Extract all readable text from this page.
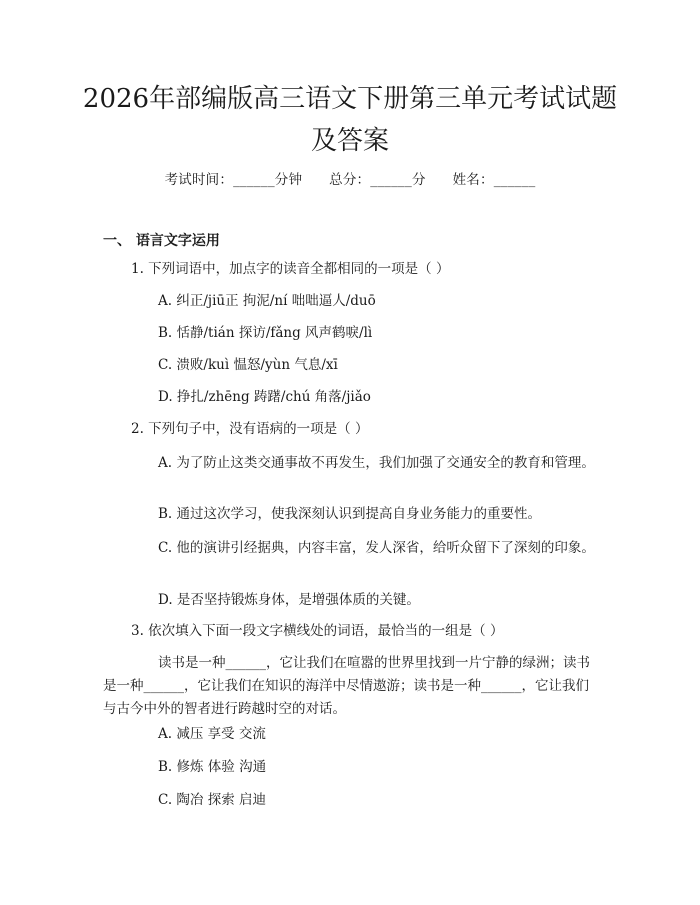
2026年部编版高三语文下册第三单元考试试题及答案
考试时间：______分钟 总分：______分 姓名：______
一、 语言文字运用
1. 下列词语中，加点字的读音全都相同的一项是（ ）
A. 纠正/jiū正 拘泥/ní 咄咄逼人/duō
B. 恬静/tián 探访/fǎng 风声鹤唳/lì
C. 溃败/kuì 愠怒/yùn 气息/xī
D. 挣扎/zhēng 踌躇/chú 角落/jiǎo
2. 下列句子中，没有语病的一项是（ ）
A. 为了防止这类交通事故不再发生，我们加强了交通安全的教育和管理。
B. 通过这次学习，使我深刻认识到提高自身业务能力的重要性。
C. 他的演讲引经据典，内容丰富，发人深省，给听众留下了深刻的印象。
D. 是否坚持锻炼身体，是增强体质的关键。
3. 依次填入下面一段文字横线处的词语，最恰当的一组是（ ）
读书是一种______，它让我们在喧嚣的世界里找到一片宁静的绿洲；读书是一种______，它让我们在知识的海洋中尽情遨游；读书是一种______，它让我们与古今中外的智者进行跨越时空的对话。
A. 减压 享受 交流
B. 修炼 体验 沟通
C. 陶冶 探索 启迪
